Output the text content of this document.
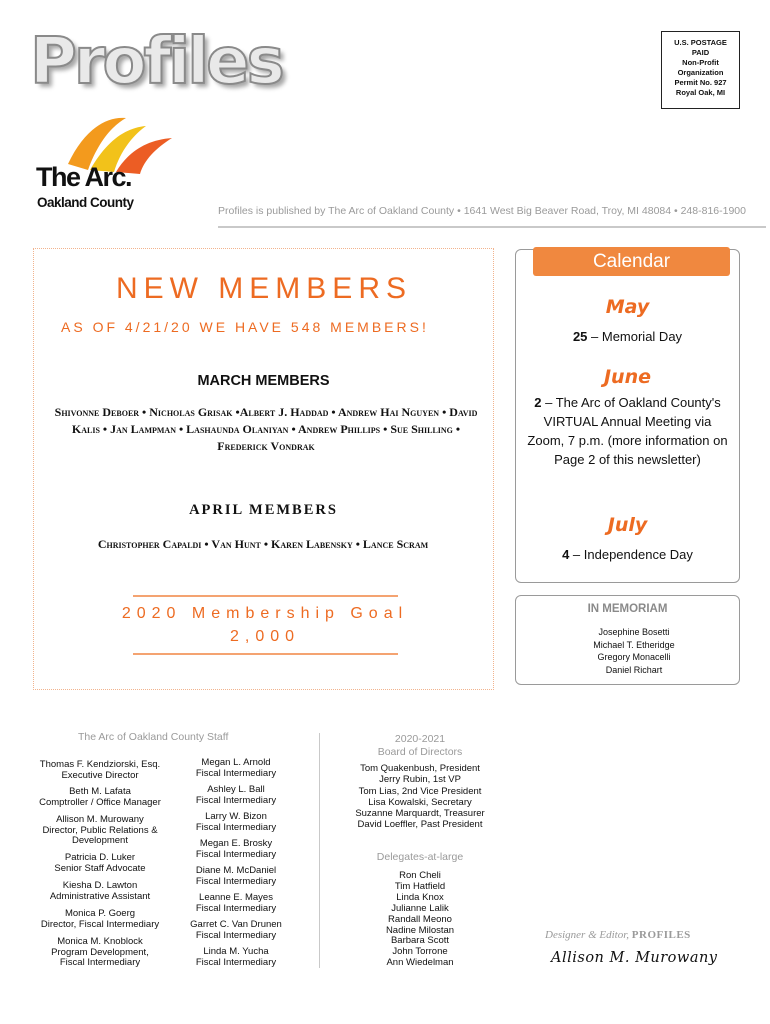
Profiles
The Arc.
Oakland County
U.S. POSTAGE
PAID
Non-Profit
Organization
Permit No. 927
Royal Oak, MI
Profiles is published by The Arc of Oakland County • 1641 West Big Beaver Road, Troy, MI 48084 • 248-816-1900
NEW MEMBERS
AS OF 4/21/20 WE HAVE 548 MEMBERS!
MARCH MEMBERS
Shivonne Deboer • Nicholas Grisak •Albert J. Haddad • Andrew Hai Nguyen • David Kalis • Jan Lampman • Lashaunda Olaniyan • Andrew Phillips • Sue Shilling • Frederick Vondrak
APRIL MEMBERS
Christopher Capaldi • Van Hunt • Karen Labensky • Lance Scram
2020 Membership Goal
2,000
Calendar
May
25 – Memorial Day
June
2 – The Arc of Oakland County's VIRTUAL Annual Meeting via Zoom, 7 p.m. (more information on Page 2 of this newsletter)
July
4 – Independence Day
IN MEMORIAM
Josephine Bosetti
Michael T. Etheridge
Gregory Monacelli
Daniel Richart
The Arc of Oakland County Staff
Thomas F. Kendziorski, Esq.
Executive Director
Beth M. Lafata
Comptroller / Office Manager
Allison M. Murowany
Director, Public Relations & Development
Patricia D. Luker
Senior Staff Advocate
Kiesha D. Lawton
Administrative Assistant
Monica P. Goerg
Director, Fiscal Intermediary
Monica M. Knoblock
Program Development, Fiscal Intermediary
Megan L. Arnold
Fiscal Intermediary
Ashley L. Ball
Fiscal Intermediary
Larry W. Bizon
Fiscal Intermediary
Megan E. Brosky
Fiscal Intermediary
Diane M. McDaniel
Fiscal Intermediary
Leanne E. Mayes
Fiscal Intermediary
Garret C. Van Drunen
Fiscal Intermediary
Linda M. Yucha
Fiscal Intermediary
2020-2021
Board of Directors
Tom Quakenbush, President
Jerry Rubin, 1st VP
Tom Lias, 2nd Vice President
Lisa Kowalski, Secretary
Suzanne Marquardt, Treasurer
David Loeffler, Past President
Delegates-at-large
Ron Cheli
Tim Hatfield
Linda Knox
Julianne Lalik
Randall Meono
Nadine Milostan
Barbara Scott
John Torrone
Ann Wiedelman
Designer & Editor, PROFILES
Allison M. Murowany
